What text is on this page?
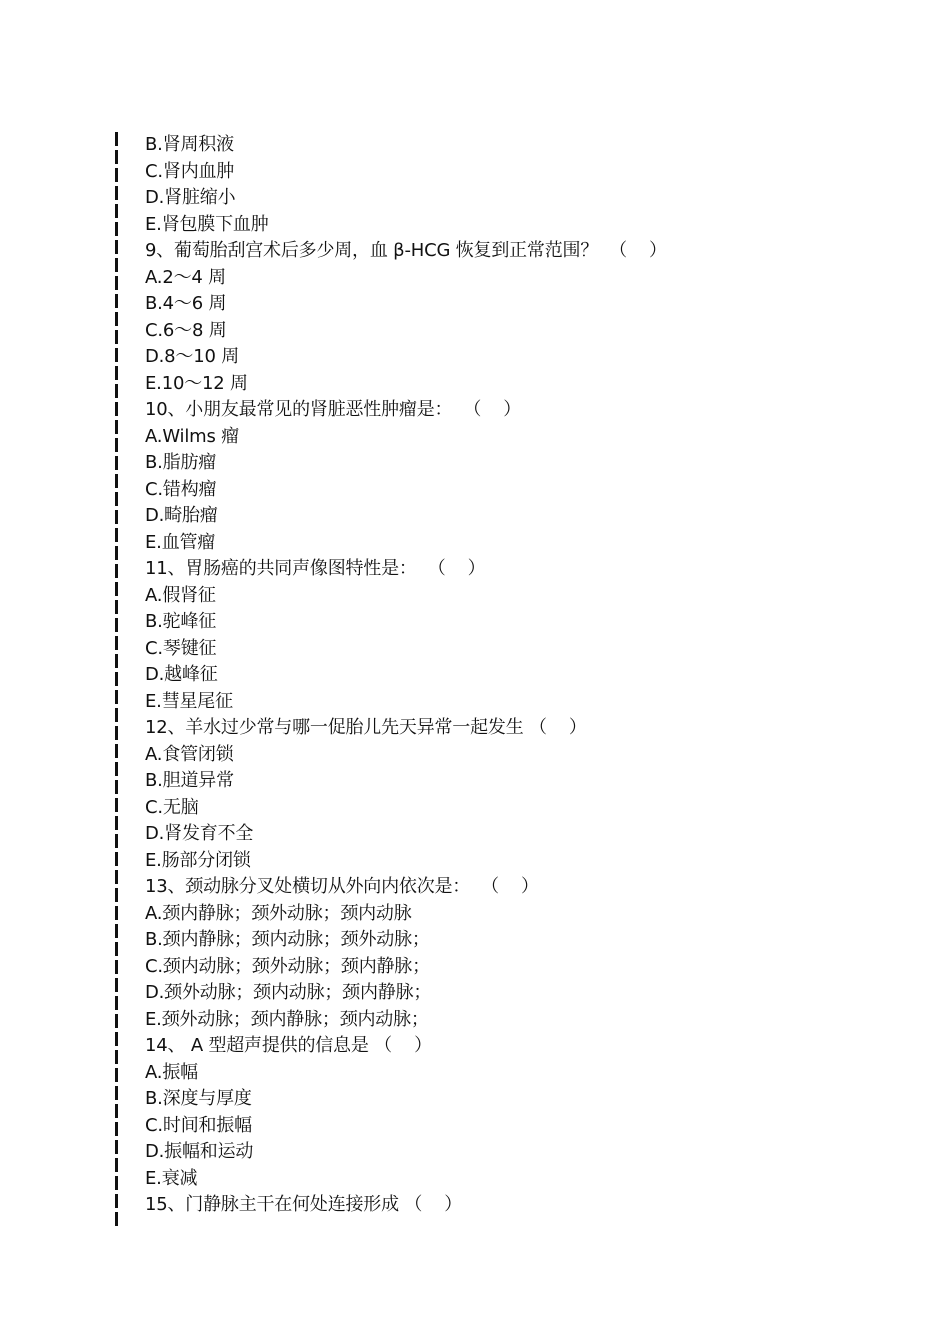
B.肾周积液
C.肾内血肿
D.肾脏缩小
E.肾包膜下血肿
9、葡萄胎刮宫术后多少周，血 β-HCG 恢复到正常范围？  （    ）
A.2～4 周
B.4～6 周
C.6～8 周
D.8～10 周
E.10～12 周
10、小朋友最常见的肾脏恶性肿瘤是：  （    ）
A.Wilms 瘤
B.脂肪瘤
C.错构瘤
D.畸胎瘤
E.血管瘤
11、胃肠癌的共同声像图特性是：  （    ）
A.假肾征
B.驼峰征
C.琴键征
D.越峰征
E.彗星尾征
12、羊水过少常与哪一促胎儿先天异常一起发生 （    ）
A.食管闭锁
B.胆道异常
C.无脑
D.肾发育不全
E.肠部分闭锁
13、颈动脉分叉处横切从外向内依次是：  （    ）
A.颈内静脉；颈外动脉；颈内动脉
B.颈内静脉；颈内动脉；颈外动脉；
C.颈内动脉；颈外动脉；颈内静脉；
D.颈外动脉；颈内动脉；颈内静脉；
E.颈外动脉；颈内静脉；颈内动脉；
14、 A 型超声提供的信息是 （    ）
A.振幅
B.深度与厚度
C.时间和振幅
D.振幅和运动
E.衰减
15、门静脉主干在何处连接形成 （    ）
